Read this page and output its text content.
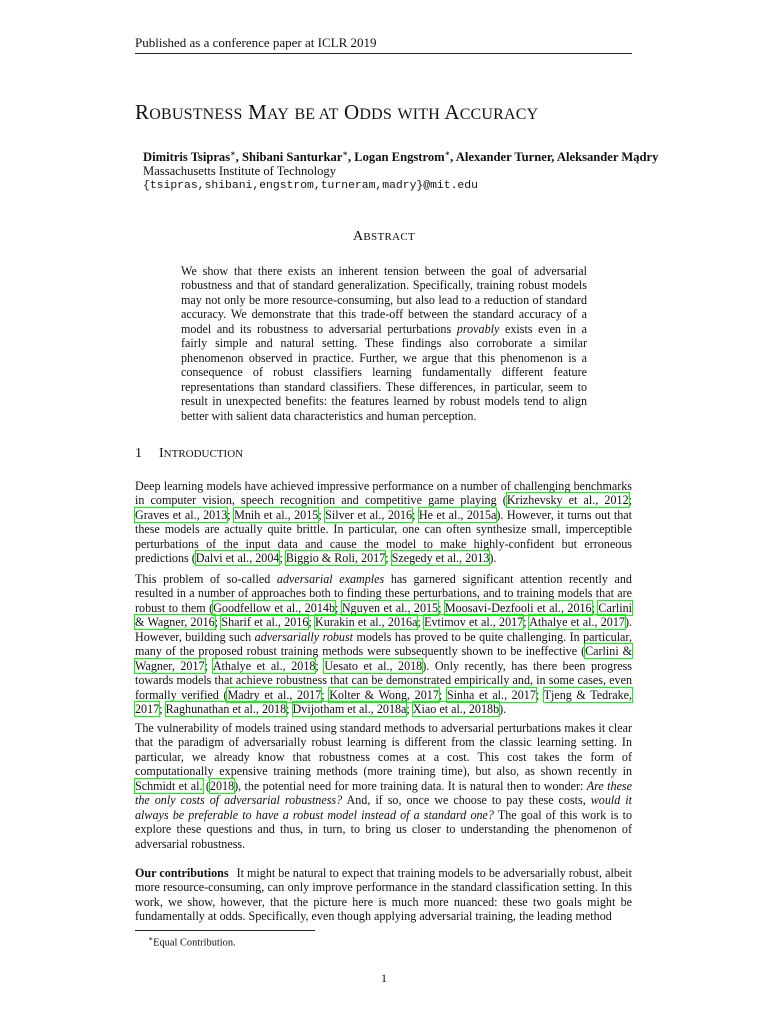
Published as a conference paper at ICLR 2019
ROBUSTNESS MAY BE AT ODDS WITH ACCURACY
Dimitris Tsipras∗, Shibani Santurkar∗, Logan Engstrom∗, Alexander Turner, Aleksander Mądry
Massachusetts Institute of Technology
{tsipras,shibani,engstrom,turneram,madry}@mit.edu
ABSTRACT

We show that there exists an inherent tension between the goal of adversarial robustness and that of standard generalization. Specifically, training robust models may not only be more resource-consuming, but also lead to a reduction of standard accuracy. We demonstrate that this trade-off between the standard accuracy of a model and its robustness to adversarial perturbations provably exists even in a fairly simple and natural setting. These findings also corroborate a similar phenomenon observed in practice. Further, we argue that this phenomenon is a consequence of robust classifiers learning fundamentally different feature representations than standard classifiers. These differences, in particular, seem to result in unexpected benefits: the features learned by robust models tend to align better with salient data characteristics and human perception.

1 INTRODUCTION

Deep learning models have achieved impressive performance on a number of challenging benchmarks in computer vision, speech recognition and competitive game playing (Krizhevsky et al., 2012; Graves et al., 2013; Mnih et al., 2015; Silver et al., 2016; He et al., 2015a). However, it turns out that these models are actually quite brittle. In particular, one can often synthesize small, imperceptible perturbations of the input data and cause the model to make highly-confident but erroneous predictions (Dalvi et al., 2004; Biggio & Roli, 2017; Szegedy et al., 2013).

This problem of so-called adversarial examples has garnered significant attention recently and resulted in a number of approaches both to finding these perturbations, and to training models that are robust to them (Goodfellow et al., 2014b; Nguyen et al., 2015; Moosavi-Dezfooli et al., 2016; Carlini & Wagner, 2016; Sharif et al., 2016; Kurakin et al., 2016a; Evtimov et al., 2017; Athalye et al., 2017). However, building such adversarially robust models has proved to be quite challenging. In particular, many of the proposed robust training methods were subsequently shown to be ineffective (Carlini & Wagner, 2017; Athalye et al., 2018; Uesato et al., 2018). Only recently, has there been progress towards models that achieve robustness that can be demonstrated empirically and, in some cases, even formally verified (Madry et al., 2017; Kolter & Wong, 2017; Sinha et al., 2017; Tjeng & Tedrake, 2017; Raghunathan et al., 2018; Dvijotham et al., 2018a; Xiao et al., 2018b).

The vulnerability of models trained using standard methods to adversarial perturbations makes it clear that the paradigm of adversarially robust learning is different from the classic learning setting. In particular, we already know that robustness comes at a cost. This cost takes the form of computationally expensive training methods (more training time), but also, as shown recently in Schmidt et al. (2018), the potential need for more training data. It is natural then to wonder: Are these the only costs of adversarial robustness? And, if so, once we choose to pay these costs, would it always be preferable to have a robust model instead of a standard one? The goal of this work is to explore these questions and thus, in turn, to bring us closer to understanding the phenomenon of adversarial robustness.

Our contributions It might be natural to expect that training models to be adversarially robust, albeit more resource-consuming, can only improve performance in the standard classification setting. In this work, we show, however, that the picture here is much more nuanced: these two goals might be fundamentally at odds. Specifically, even though applying adversarial training, the leading method

∗Equal Contribution.
1
